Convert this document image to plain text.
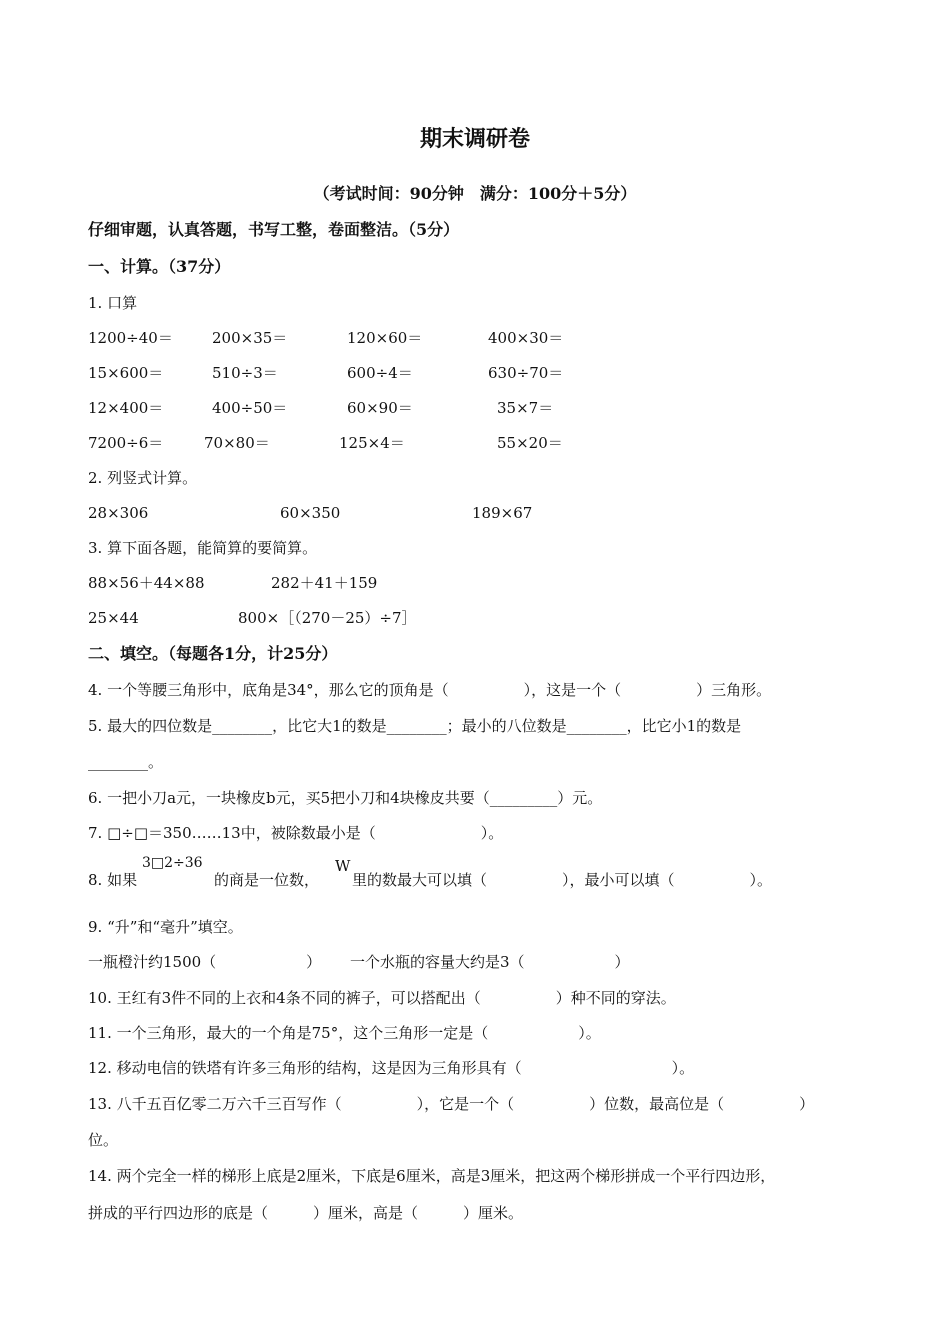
期末调研卷
（考试时间：90分钟　满分：100分＋5分）
仔细审题，认真答题，书写工整，卷面整洁。（5分）
一、计算。（37分）
1. 口算
1200÷40＝	200×35＝	120×60＝	400×30＝
15×600＝	510÷3＝	600÷4＝	630÷70＝
12×400＝	400÷50＝	60×90＝	35×7＝
7200÷6＝	70×80＝	125×4＝	55×20＝
2. 列竖式计算。
28×306	60×350	189×67
3. 算下面各题，能简算的要简算。
88×56＋44×88	282＋41＋159
25×44	800×［（270－25）÷7］
二、填空。（每题各1分，计25分）
4. 一个等腰三角形中，底角是34°，那么它的顶角是（　　　　　），这是一个（　　　　　）三角形。
5. 最大的四位数是________，比它大1的数是________；最小的八位数是________，比它小1的数是
________。
6. 一把小刀a元，一块橡皮b元，买5把小刀和4块橡皮共要（_________）元。
7. □÷□＝350……13中，被除数最小是（　　　　　　　）。
8. 如果
3□2÷36
的商是一位数，
W
里的数最大可以填（　　　　　），最小可以填（　　　　　）。
9. “升”和“毫升”填空。
一瓶橙汁约1500（　　　　　　） 一个水瓶的容量大约是3（　　　　　　）
10. 王红有3件不同的上衣和4条不同的裤子，可以搭配出（　　　　　）种不同的穿法。
11. 一个三角形，最大的一个角是75°，这个三角形一定是（　　　　　　）。
12. 移动电信的铁塔有许多三角形的结构，这是因为三角形具有（　　　　　　　　　　）。
13. 八千五百亿零二万六千三百写作（　　　　　），它是一个（　　　　　）位数，最高位是（　　　　　）
位。
14. 两个完全一样的梯形上底是2厘米，下底是6厘米，高是3厘米，把这两个梯形拼成一个平行四边形，
拼成的平行四边形的底是（　　　）厘米，高是（　　　）厘米。
